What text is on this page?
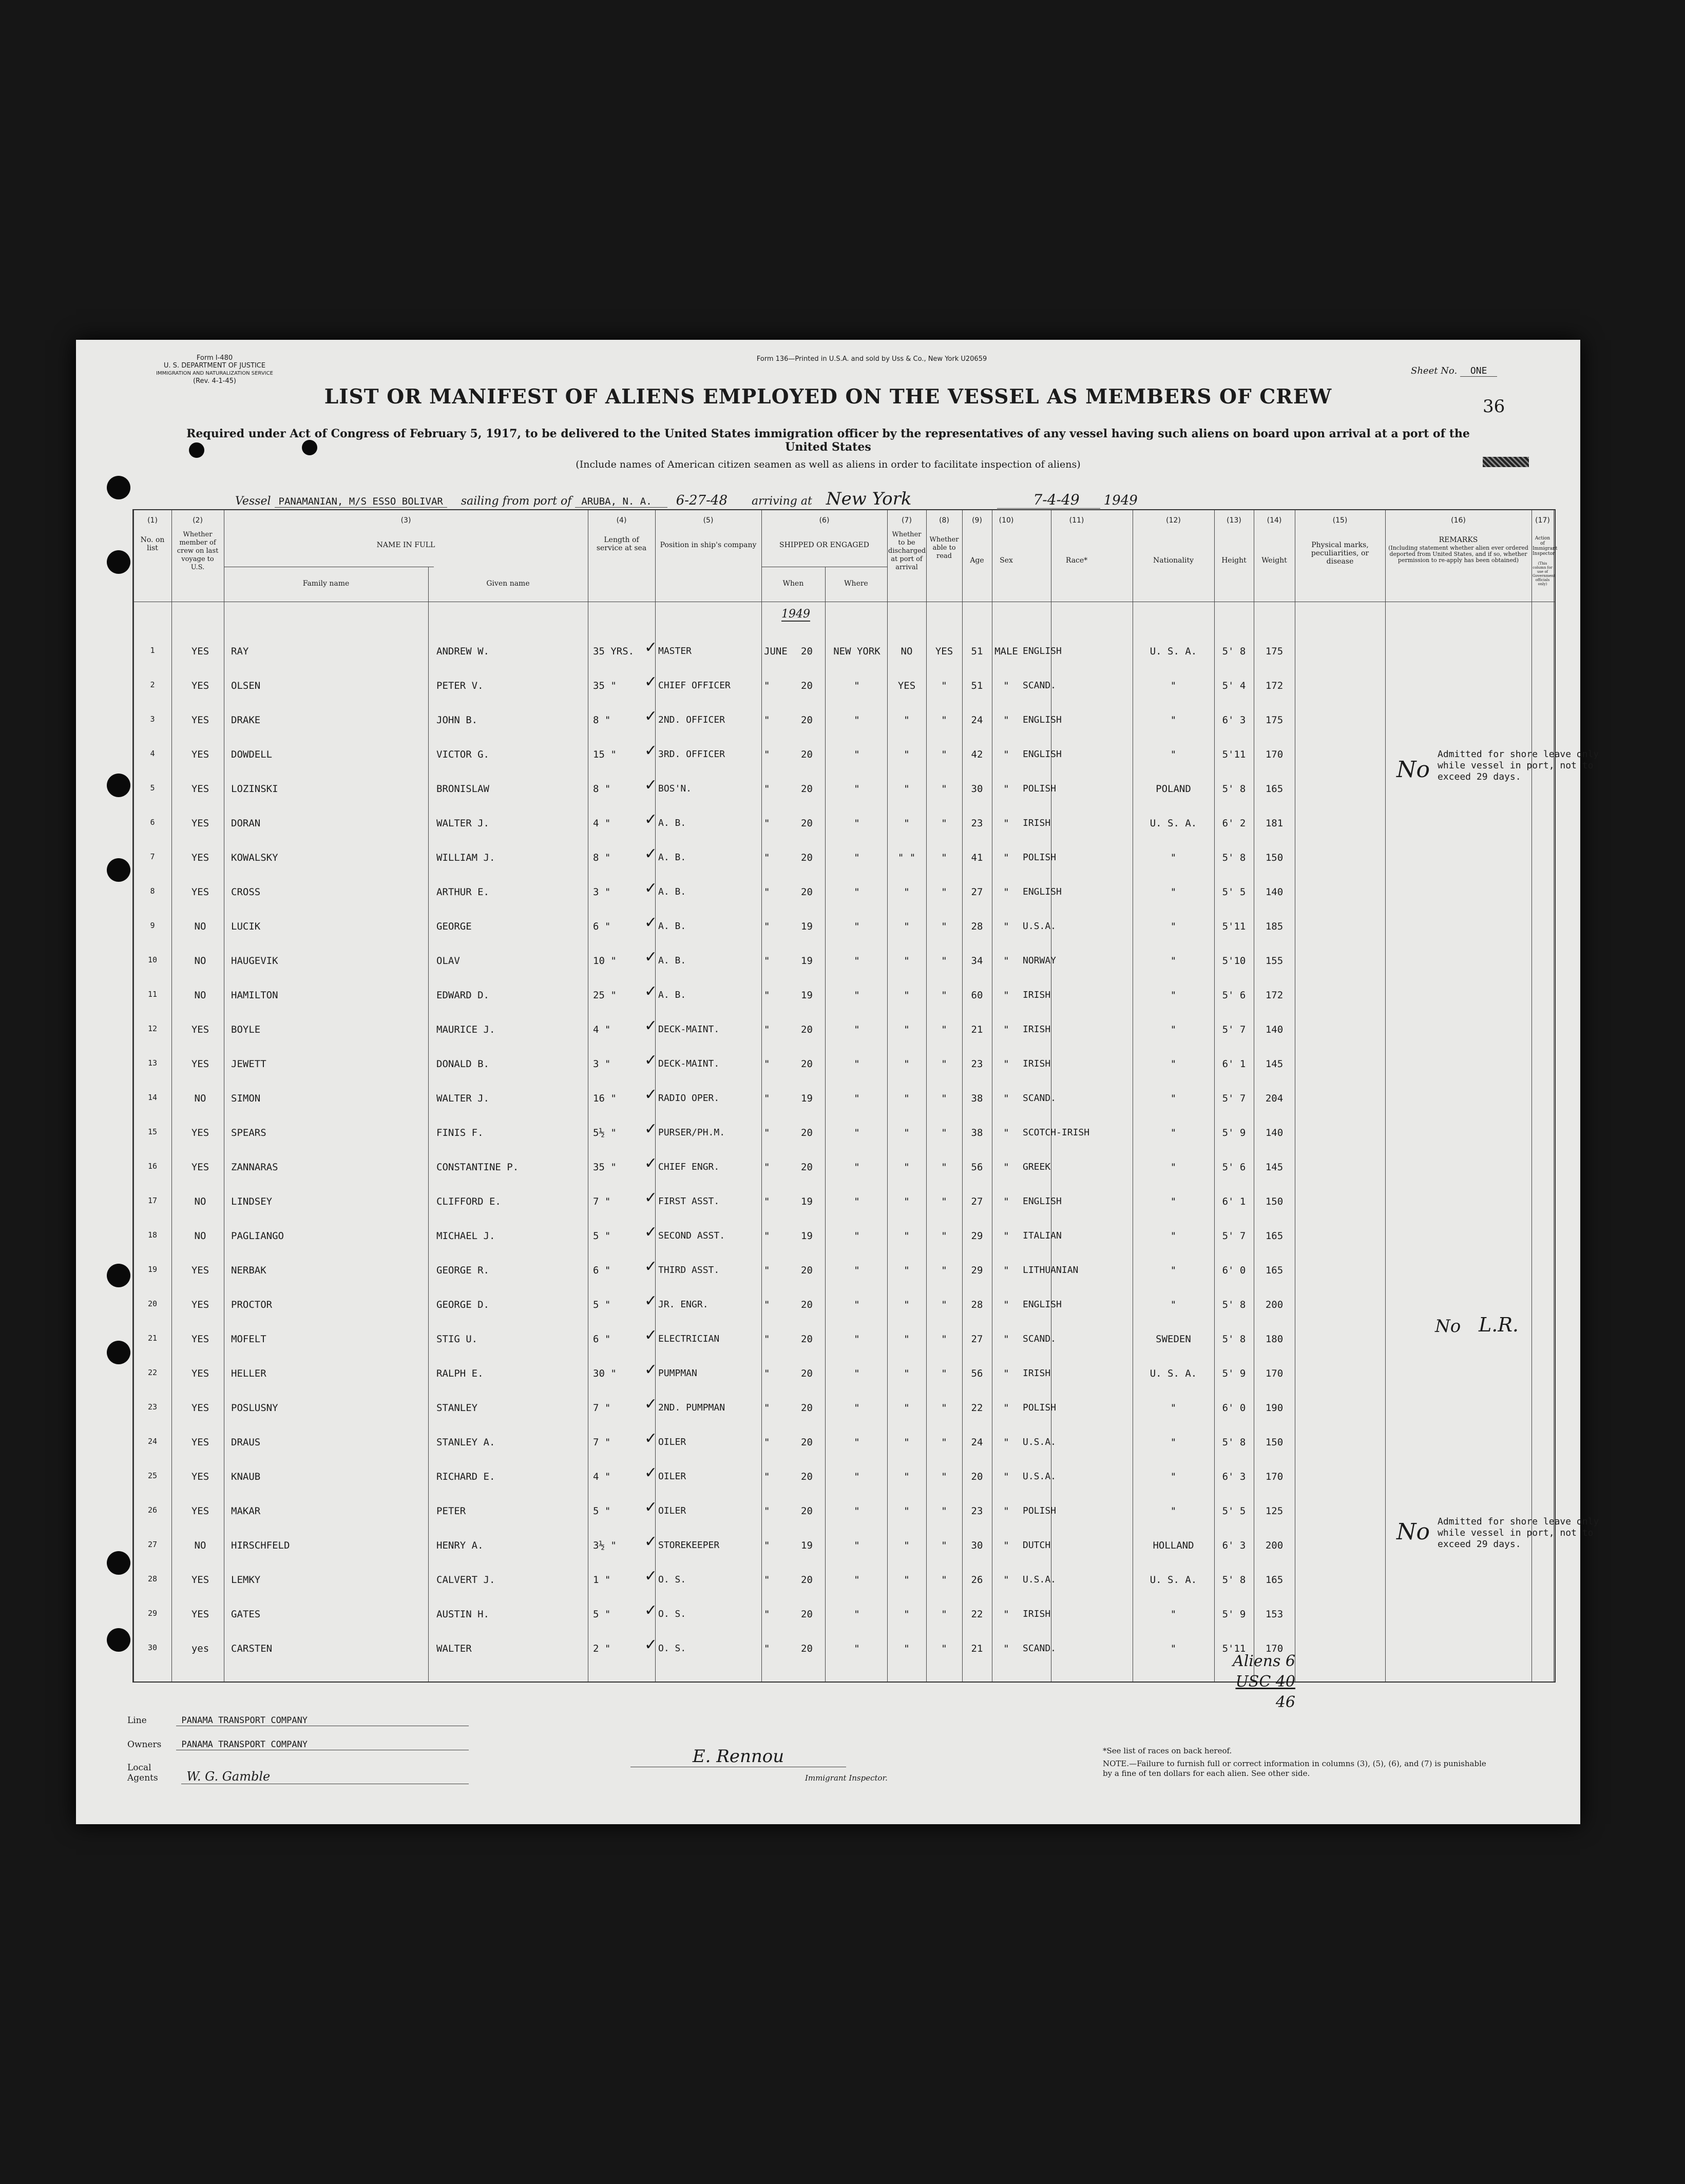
Form I-480
U. S. DEPARTMENT OF JUSTICE
IMMIGRATION AND NATURALIZATION SERVICE
(Rev. 4-1-45)
Form 136—Printed in U.S.A. and sold by Uss & Co., New York U20659
Sheet No. ONE
36
LIST OR MANIFEST OF ALIENS EMPLOYED ON THE VESSEL AS MEMBERS OF CREW
Required under Act of Congress of February 5, 1917, to be delivered to the United States immigration officer by the representatives of any vessel having such aliens on board upon arrival at a port of the United States
(Include names of American citizen seamen as well as aliens in order to facilitate inspection of aliens)
Vessel PANAMANIAN, M/S ESSO BOLIVAR sailing from port of ARUBA, N. A. 6-27-48 arriving at New York	7-4-49 1949
(1)	(2)	(3)	(4)	(5)	(6)	(7)	(8)	(9)	(10)	(11)	(12)	(13)	(14)	(15)	(16)	(17)
No. on list
Whether member of crew on last voyage to U.S.
NAME IN FULL
Family name	Given name
Length of service at sea	Position in ship's company	SHIPPED OR ENGAGED
When	Where
Whether to be discharged at port of arrival
Whether able to read
Age	Sex	Race*	Nationality	Height	Weight
Physical marks, peculiarities, or disease
REMARKS
(Including statement whether alien ever ordered deported from United States, and if so, whether permission to re-apply has been obtained)
Action of Immigrant Inspector
(This column for use of Government officials only)
1949
1	YES	RAY	ANDREW W.	35 YRS.	MASTER	JUNE	20	NEW YORK	NO	YES	51	MALE ENGLISH	U. S. A.	5' 8	175
✓
2	YES	OLSEN	PETER V.	35 "	CHIEF OFFICER	"	20	"	YES	"	51	"	SCAND.	"	5' 4	172
✓
3	YES	DRAKE	JOHN B.	8 "	2ND. OFFICER	"	20	"	"	"	24	"	ENGLISH	"	6' 3	175
✓
4	YES	DOWDELL	VICTOR G.	15 "	3RD. OFFICER	"	20	"	"	"	42	"	ENGLISH	"	5'11	170
✓
5	YES	LOZINSKI	BRONISLAW	8 "	BOS'N.	"	20	"	"	"	30	"	POLISH	POLAND	5' 8	165
✓
6	YES	DORAN	WALTER J.	4 "	A. B.	"	20	"	"	"	23	"	IRISH	U. S. A.	6' 2	181
✓
7	YES	KOWALSKY	WILLIAM J.	8 "	A. B.	"	20	"	" "	"	41	"	POLISH	"	5' 8	150
✓
8	YES	CROSS	ARTHUR E.	3 "	A. B.	"	20	"	"	"	27	"	ENGLISH	"	5' 5	140
✓
9	NO	LUCIK	GEORGE	6 "	A. B.	"	19	"	"	"	28	"	U.S.A.	"	5'11	185
✓
10	NO	HAUGEVIK	OLAV	10 "	A. B.	"	19	"	"	"	34	"	NORWAY	"	5'10	155
✓
11	NO	HAMILTON	EDWARD D.	25 "	A. B.	"	19	"	"	"	60	"	IRISH	"	5' 6	172
✓
12	YES	BOYLE	MAURICE J.	4 "	DECK-MAINT.	"	20	"	"	"	21	"	IRISH	"	5' 7	140
✓
13	YES	JEWETT	DONALD B.	3 "	DECK-MAINT.	"	20	"	"	"	23	"	IRISH	"	6' 1	145
✓
14	NO	SIMON	WALTER J.	16 "	RADIO OPER.	"	19	"	"	"	38	"	SCAND.	"	5' 7	204
✓
15	YES	SPEARS	FINIS F.	5½ "	PURSER/PH.M.	"	20	"	"	"	38	"	SCOTCH-IRISH	"	5' 9	140
✓
16	YES	ZANNARAS	CONSTANTINE P.	35 "	CHIEF ENGR.	"	20	"	"	"	56	"	GREEK	"	5' 6	145
✓
17	NO	LINDSEY	CLIFFORD E.	7 "	FIRST ASST.	"	19	"	"	"	27	"	ENGLISH	"	6' 1	150
✓
18	NO	PAGLIANGO	MICHAEL J.	5 "	SECOND ASST.	"	19	"	"	"	29	"	ITALIAN	"	5' 7	165
✓
19	YES	NERBAK	GEORGE R.	6 "	THIRD ASST.	"	20	"	"	"	29	"	LITHUANIAN	"	6' 0	165
✓
20	YES	PROCTOR	GEORGE D.	5 "	JR. ENGR.	"	20	"	"	"	28	"	ENGLISH	"	5' 8	200
✓
21	YES	MOFELT	STIG U.	6 "	ELECTRICIAN	"	20	"	"	"	27	"	SCAND.	SWEDEN	5' 8	180
✓
22	YES	HELLER	RALPH E.	30 "	PUMPMAN	"	20	"	"	"	56	"	IRISH	U. S. A.	5' 9	170
✓
23	YES	POSLUSNY	STANLEY	7 "	2ND. PUMPMAN	"	20	"	"	"	22	"	POLISH	"	6' 0	190
✓
24	YES	DRAUS	STANLEY A.	7 "	OILER	"	20	"	"	"	24	"	U.S.A.	"	5' 8	150
✓
25	YES	KNAUB	RICHARD E.	4 "	OILER	"	20	"	"	"	20	"	U.S.A.	"	6' 3	170
✓
26	YES	MAKAR	PETER	5 "	OILER	"	20	"	"	"	23	"	POLISH	"	5' 5	125
✓
27	NO	HIRSCHFELD	HENRY A.	3½ "	STOREKEEPER	"	19	"	"	"	30	"	DUTCH	HOLLAND	6' 3	200
✓
28	YES	LEMKY	CALVERT J.	1 "	O. S.	"	20	"	"	"	26	"	U.S.A.	U. S. A.	5' 8	165
✓
29	YES	GATES	AUSTIN H.	5 "	O. S.	"	20	"	"	"	22	"	IRISH	"	5' 9	153
✓
30	yes	CARSTEN	WALTER	2 "	O. S.	"	20	"	"	"	21	"	SCAND.	"	5'11	170
✓
Admitted for shore leave only while vessel in port, not to exceed 29 days.
No
No L.R.
Admitted for shore leave only while vessel in port, not to exceed 29 days.
No
Aliens 6
USC 40
46
Line	PANAMA TRANSPORT COMPANY
Owners PANAMA TRANSPORT COMPANY
Local Agents W. G. Gamble
E. Rennou
Immigrant Inspector.
*See list of races on back hereof.
NOTE.—Failure to furnish full or correct information in columns (3), (5), (6), and (7) is punishable by a fine of ten dollars for each alien. See other side.
